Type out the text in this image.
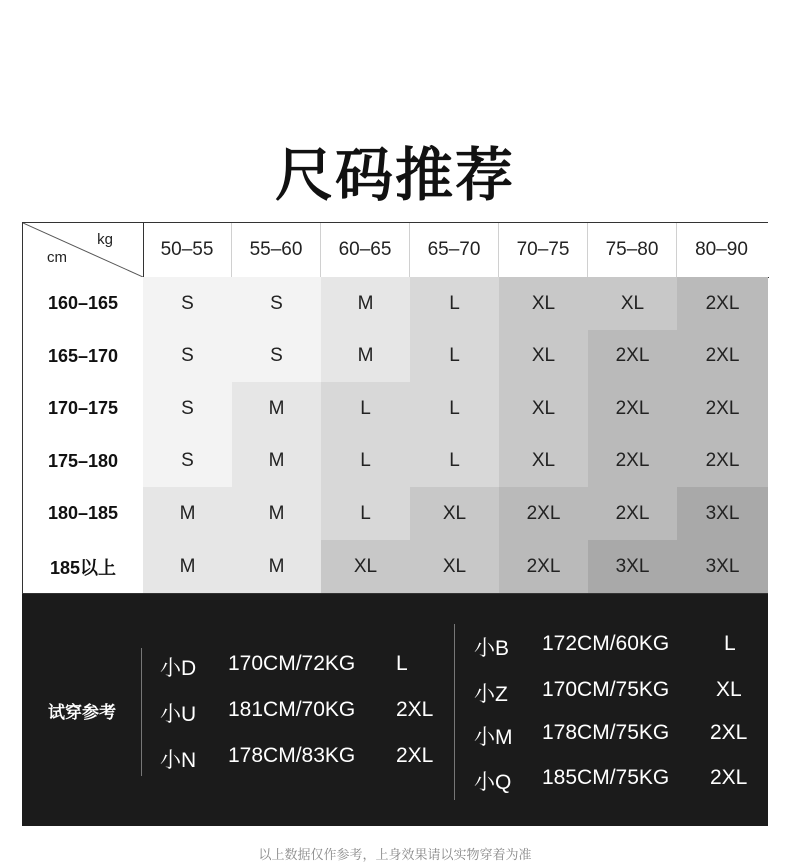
尺码推荐
kg
cm	50–55	55–60	60–65	65–70	70–75	75–80	80–90
160–165	S	S	M	L	XL	XL	2XL
165–170	S	S	M	L	XL	2XL	2XL
170–175	S	M	L	L	XL	2XL	2XL
175–180	S	M	L	L	XL	2XL	2XL
180–185	M	M	L	XL	2XL	2XL	3XL
185以上	M	M	XL	XL	2XL	3XL	3XL
试穿参考
小D 170CM/72KG L
小U 181CM/70KG 2XL
小N 178CM/83KG 2XL
小B 172CM/60KG	L
小Z 170CM/75KG XL
小M 178CM/75KG 2XL
小Q 185CM/75KG 2XL
以上数据仅作参考，上身效果请以实物穿着为准
